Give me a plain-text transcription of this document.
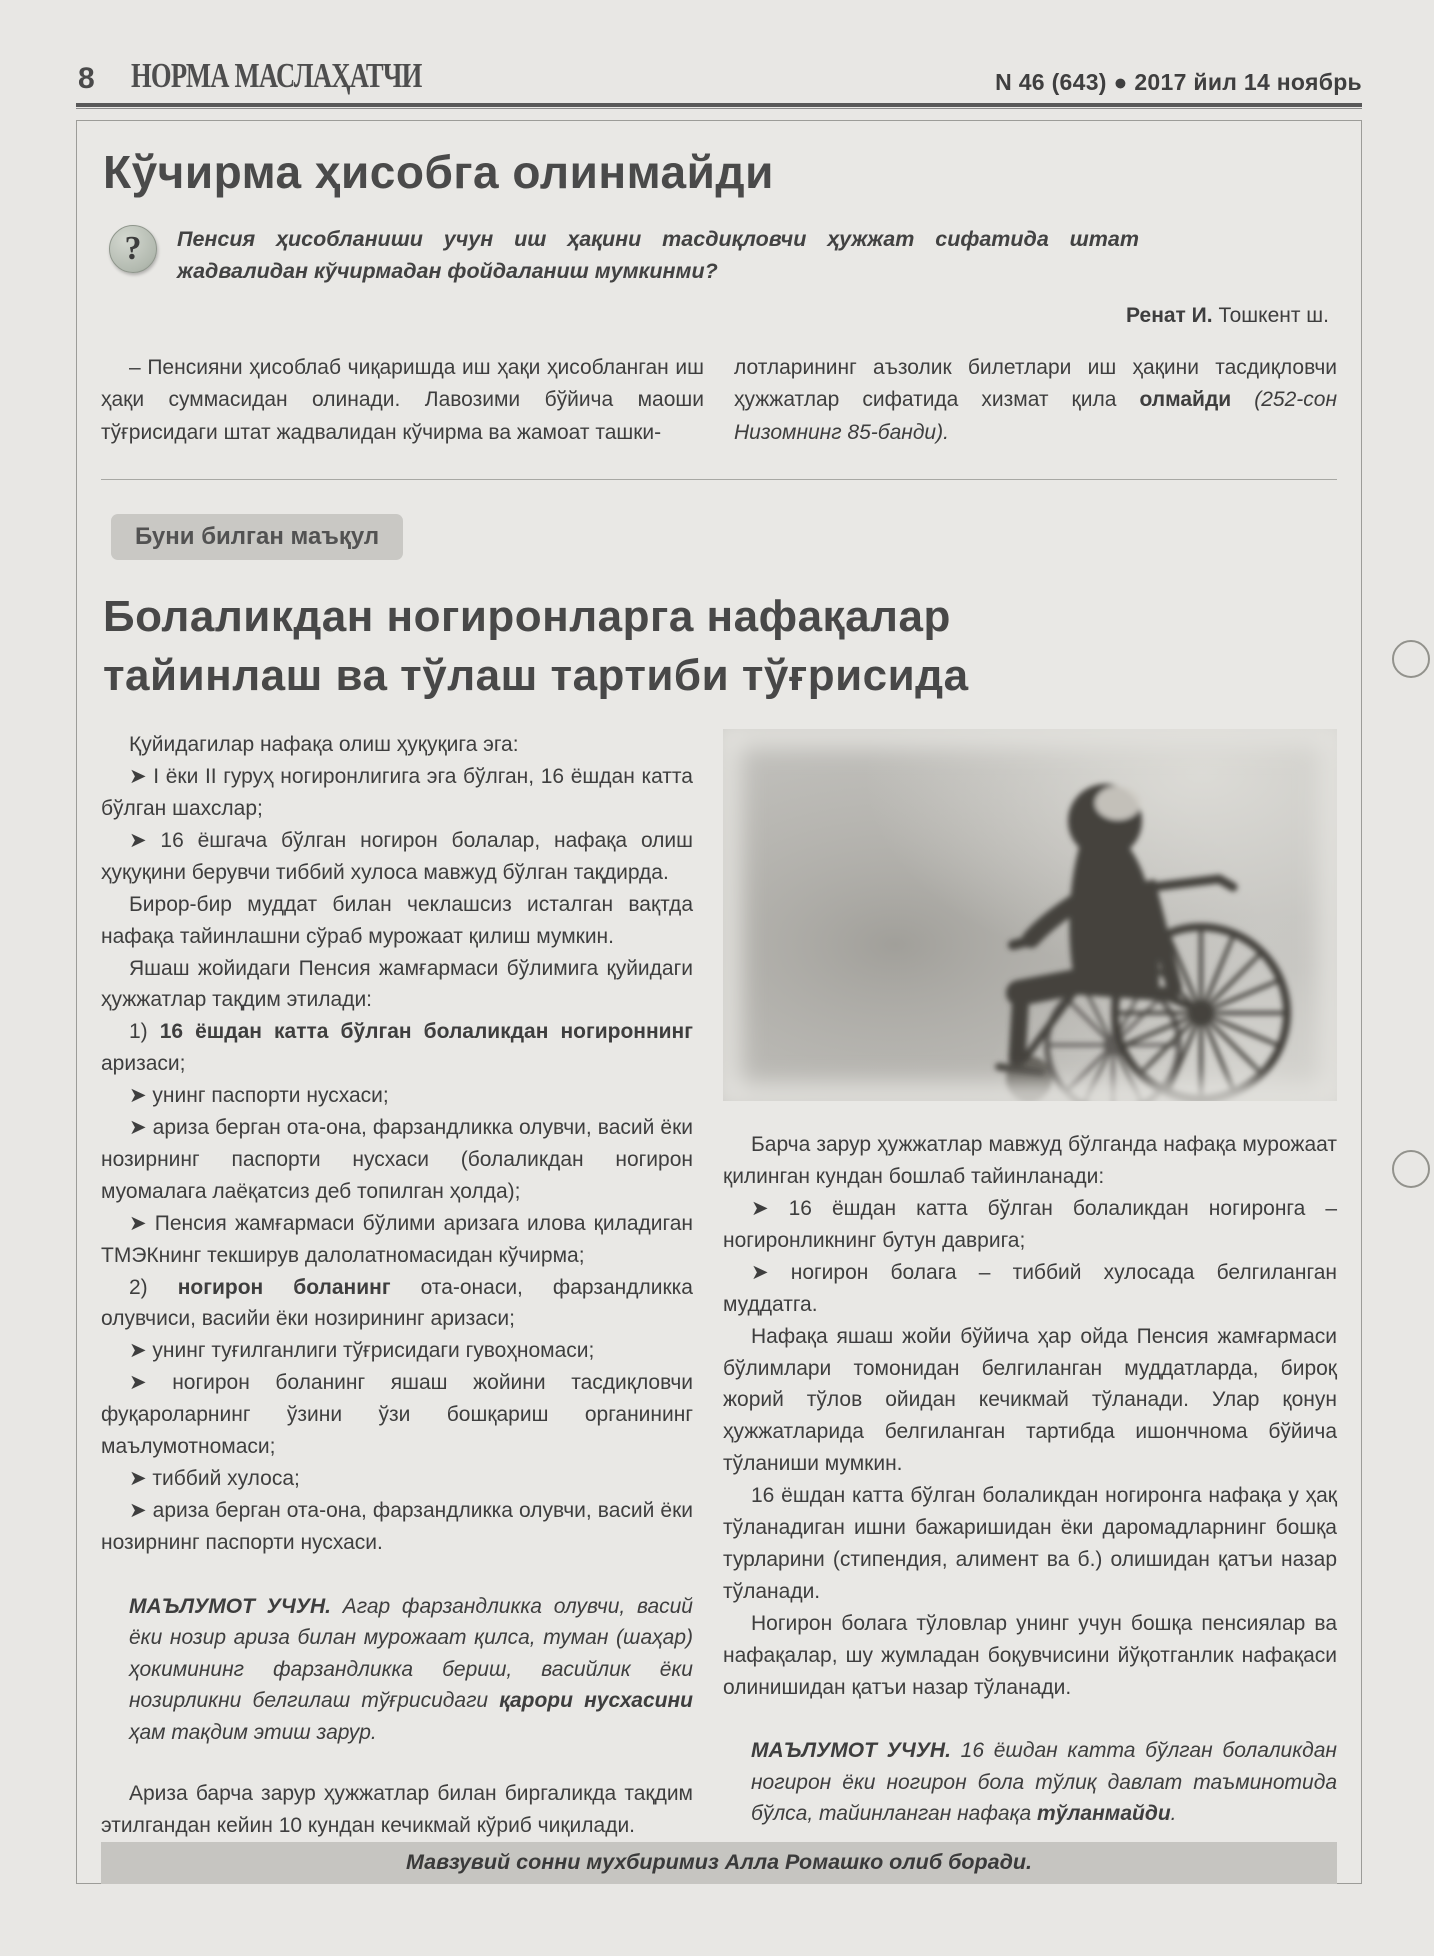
8 НОРМА МАСЛАҲАТЧИ	N 46 (643) ● 2017 йил 14 ноябрь
Кўчирма ҳисобга олинмайди
?	Пенсия ҳисобланиши учун иш ҳақини тасдиқловчи ҳужжат сифатида штат жадвалидан кўчирмадан фойдаланиш мумкинми?
Ренат И. Тошкент ш.

– Пенсияни ҳисоблаб чиқаришда иш ҳақи ҳисобланган иш ҳақи суммасидан олинади. Лавозими бўйича маоши тўғрисидаги штат жадвалидан кўчирма ва жамоат ташки-

лотларининг аъзолик билетлари иш ҳақини тасдиқловчи ҳужжатлар сифатида хизмат қила олмайди (252-сон Низомнинг 85-банди).

Буни билган маъқул
Болаликдан ногиронларга нафақалар тайинлаш ва тўлаш тартиби тўғрисида

Қуйидагилар нафақа олиш ҳуқуқига эга:

➤ I ёки II гуруҳ ногиронлигига эга бўлган, 16 ёшдан катта бўлган шахслар;

➤ 16 ёшгача бўлган ногирон болалар, нафақа олиш ҳуқуқини берувчи тиббий хулоса мавжуд бўлган тақдирда.

Бирор-бир муддат билан чеклашсиз исталган вақтда нафақа тайинлашни сўраб мурожаат қилиш мумкин.

Яшаш жойидаги Пенсия жамғармаси бўлимига қуйидаги ҳужжатлар тақдим этилади:

1) 16 ёшдан катта бўлган болаликдан ногироннинг аризаси;

➤ унинг паспорти нусхаси;

➤ ариза берган ота-она, фарзандликка олувчи, васий ёки нозирнинг паспорти нусхаси (болаликдан ногирон муомалага лаёқатсиз деб топилган ҳолда);

➤ Пенсия жамғармаси бўлими аризага илова қиладиган ТМЭКнинг текширув далолатномасидан кўчирма;

2) ногирон боланинг ота-онаси, фарзандликка олувчиси, васийи ёки нозирининг аризаси;

➤ унинг туғилганлиги тўғрисидаги гувоҳномаси;

➤ ногирон боланинг яшаш жойини тасдиқловчи фуқароларнинг ўзини ўзи бошқариш органининг маълумотномаси;

➤ тиббий хулоса;

➤ ариза берган ота-она, фарзандликка олувчи, васий ёки нозирнинг паспорти нусхаси.

МАЪЛУМОТ УЧУН. Агар фарзандликка олувчи, васий ёки нозир ариза билан мурожаат қилса, туман (шаҳар) ҳокимининг фарзандликка бериш, васийлик ёки нозирликни белгилаш тўғрисидаги қарори нусхасини ҳам тақдим этиш зарур.

Ариза барча зарур ҳужжатлар билан биргаликда тақдим этилгандан кейин 10 кундан кечикмай кўриб чиқилади.

Барча зарур ҳужжатлар мавжуд бўлганда нафақа мурожаат қилинган кундан бошлаб тайинланади:

➤ 16 ёшдан катта бўлган болаликдан ногиронга – ногиронликнинг бутун даврига;

➤ ногирон болага – тиббий хулосада белгиланган муддатга.

Нафақа яшаш жойи бўйича ҳар ойда Пенсия жамғармаси бўлимлари томонидан белгиланган муддатларда, бироқ жорий тўлов ойидан кечикмай тўланади. Улар қонун ҳужжатларида белгиланган тартибда ишончнома бўйича тўланиши мумкин.

16 ёшдан катта бўлган болаликдан ногиронга нафақа у ҳақ тўланадиган ишни бажаришидан ёки даромадларнинг бошқа турларини (стипендия, алимент ва б.) олишидан қатъи назар тўланади.

Ногирон болага тўловлар унинг учун бошқа пенсиялар ва нафақалар, шу жумладан боқувчисини йўқотганлик нафақаси олинишидан қатъи назар тўланади.

МАЪЛУМОТ УЧУН. 16 ёшдан катта бўлган болаликдан ногирон ёки ногирон бола тўлиқ давлат таъминотида бўлса, тайинланган нафақа тўланмайди.

Мавзувий сонни мухбиримиз Алла Ромашко олиб боради.
